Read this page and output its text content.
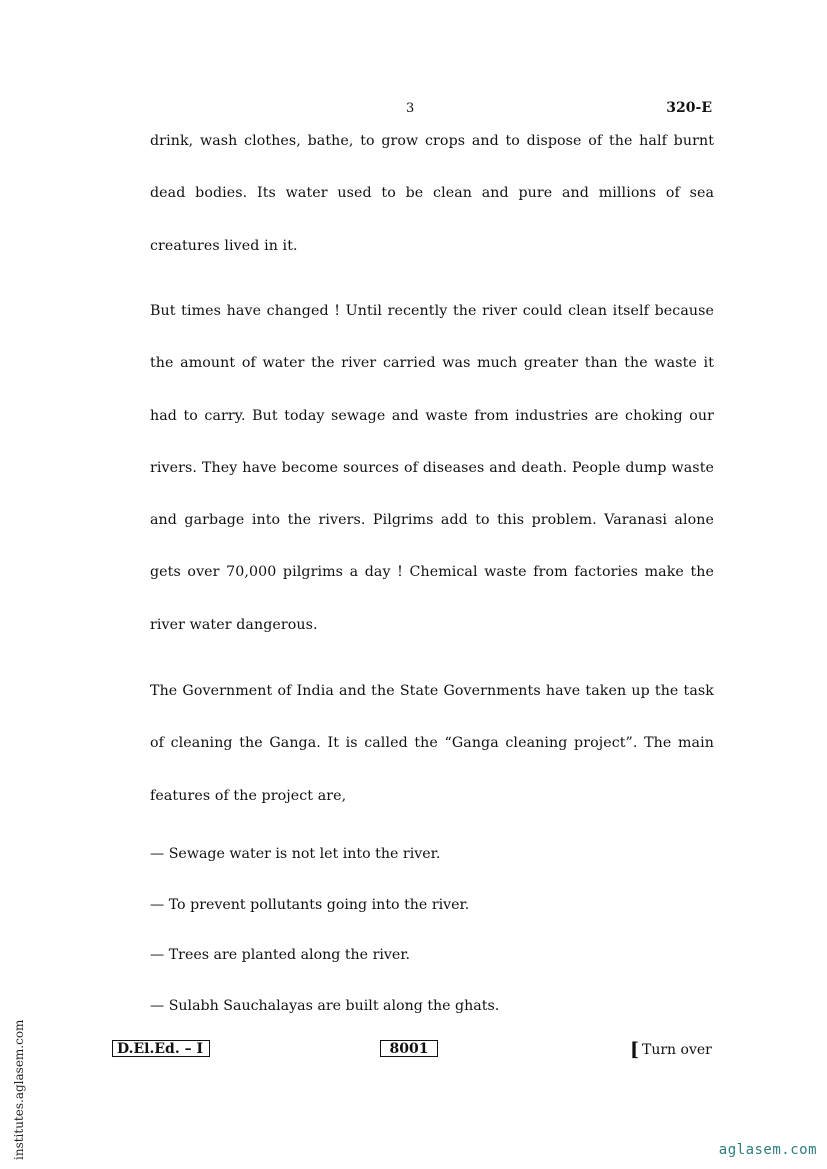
3	320-E

drink, wash clothes, bathe, to grow crops and to dispose of the half burnt dead bodies. Its water used to be clean and pure and millions of sea creatures lived in it.

But times have changed ! Until recently the river could clean itself because the amount of water the river carried was much greater than the waste it had to carry. But today sewage and waste from industries are choking our rivers. They have become sources of diseases and death. People dump waste and garbage into the rivers. Pilgrims add to this problem. Varanasi alone gets over 70,000 pilgrims a day ! Chemical waste from factories make the river water dangerous.

The Government of India and the State Governments have taken up the task of cleaning the Ganga. It is called the “Ganga cleaning project”. The main features of the project are,

— Sewage water is not let into the river.
— To prevent pollutants going into the river.
— Trees are planted along the river.
— Sulabh Sauchalayas are built along the ghats.
D.El.Ed. – I	8001	[ Turn over
institutes.aglasem.com	aglasem.com
